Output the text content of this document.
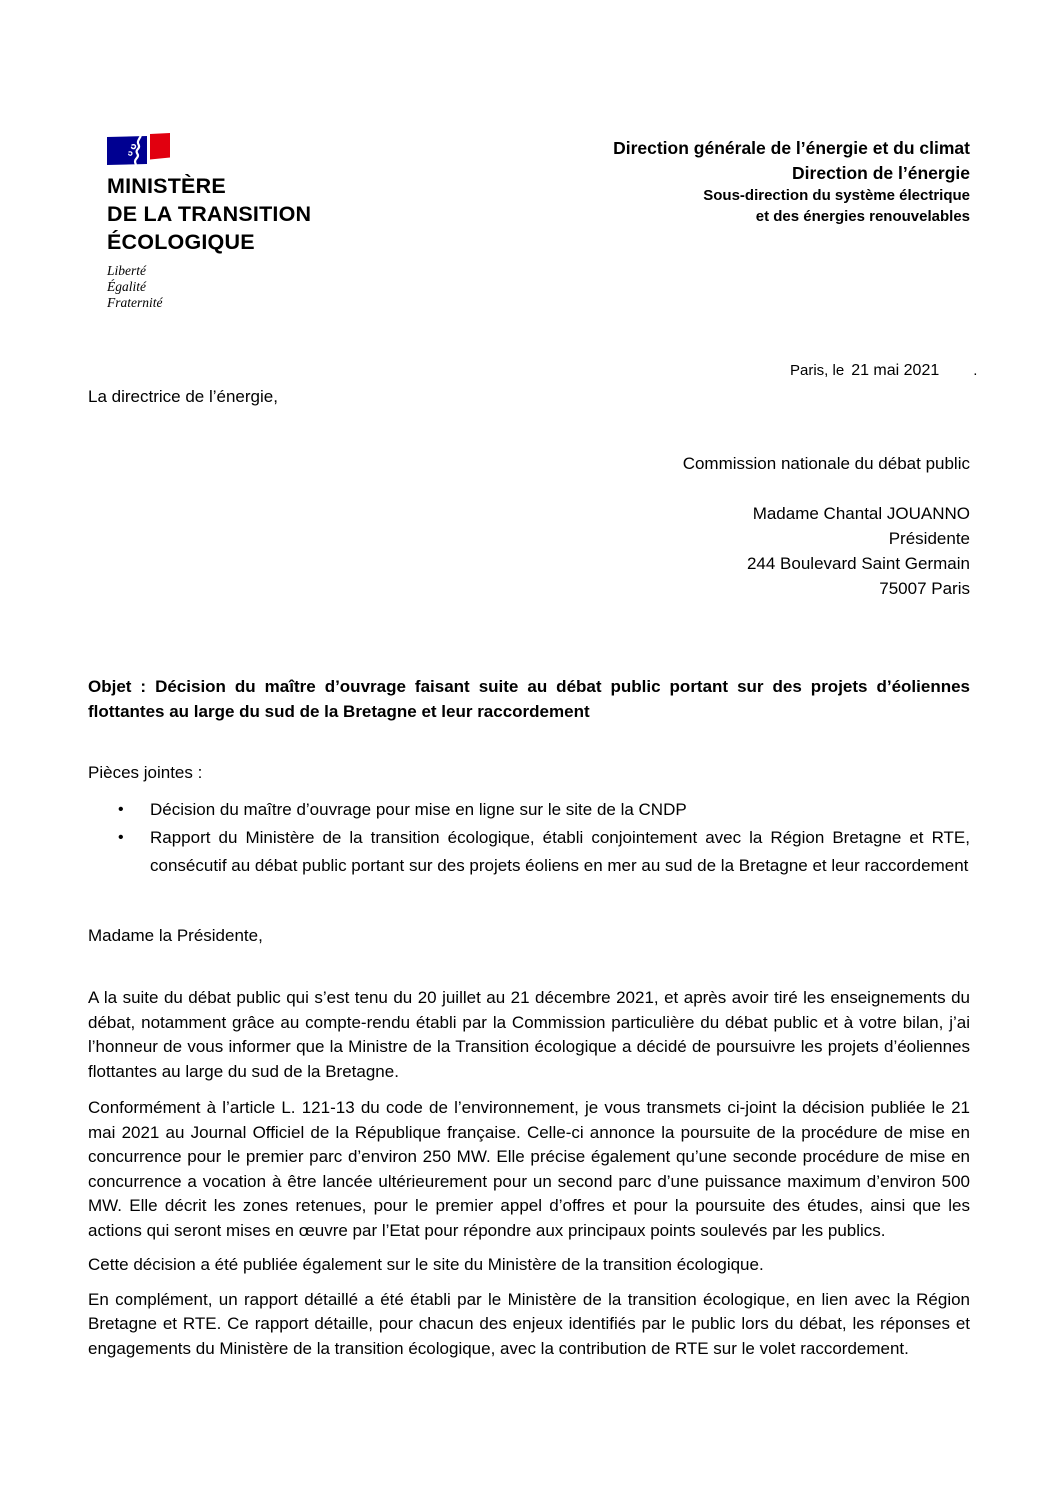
MINISTÈRE
DE LA TRANSITION
ÉCOLOGIQUE
Liberté
Égalité
Fraternité
Direction générale de l’énergie et du climat
Direction de l’énergie
Sous-direction du système électrique
et des énergies renouvelables
Paris, le 21 mai 2021 .
La directrice de l’énergie,
Commission nationale du débat public
Madame Chantal JOUANNO
Présidente
244 Boulevard Saint Germain
75007 Paris
Objet : Décision du maître d’ouvrage faisant suite au débat public portant sur des projets d’éoliennes flottantes au large du sud de la Bretagne et leur raccordement
Pièces jointes :
• Décision du maître d’ouvrage pour mise en ligne sur le site de la CNDP
• Rapport du Ministère de la transition écologique, établi conjointement avec la Région Bretagne et RTE, consécutif au débat public portant sur des projets éoliens en mer au sud de la Bretagne et leur raccordement
Madame la Présidente,

A la suite du débat public qui s’est tenu du 20 juillet au 21 décembre 2021, et après avoir tiré les enseignements du débat, notamment grâce au compte-rendu établi par la Commission particulière du débat public et à votre bilan, j’ai l’honneur de vous informer que la Ministre de la Transition écologique a décidé de poursuivre les projets d’éoliennes flottantes au large du sud de la Bretagne.

Conformément à l’article L. 121-13 du code de l’environnement, je vous transmets ci-joint la décision publiée le 21 mai 2021 au Journal Officiel de la République française. Celle-ci annonce la poursuite de la procédure de mise en concurrence pour le premier parc d’environ 250 MW. Elle précise également qu’une seconde procédure de mise en concurrence a vocation à être lancée ultérieurement pour un second parc d’une puissance maximum d’environ 500 MW. Elle décrit les zones retenues, pour le premier appel d’offres et pour la poursuite des études, ainsi que les actions qui seront mises en œuvre par l’Etat pour répondre aux principaux points soulevés par les publics.

Cette décision a été publiée également sur le site du Ministère de la transition écologique.

En complément, un rapport détaillé a été établi par le Ministère de la transition écologique, en lien avec la Région Bretagne et RTE. Ce rapport détaille, pour chacun des enjeux identifiés par le public lors du débat, les réponses et engagements du Ministère de la transition écologique, avec la contribution de RTE sur le volet raccordement.
